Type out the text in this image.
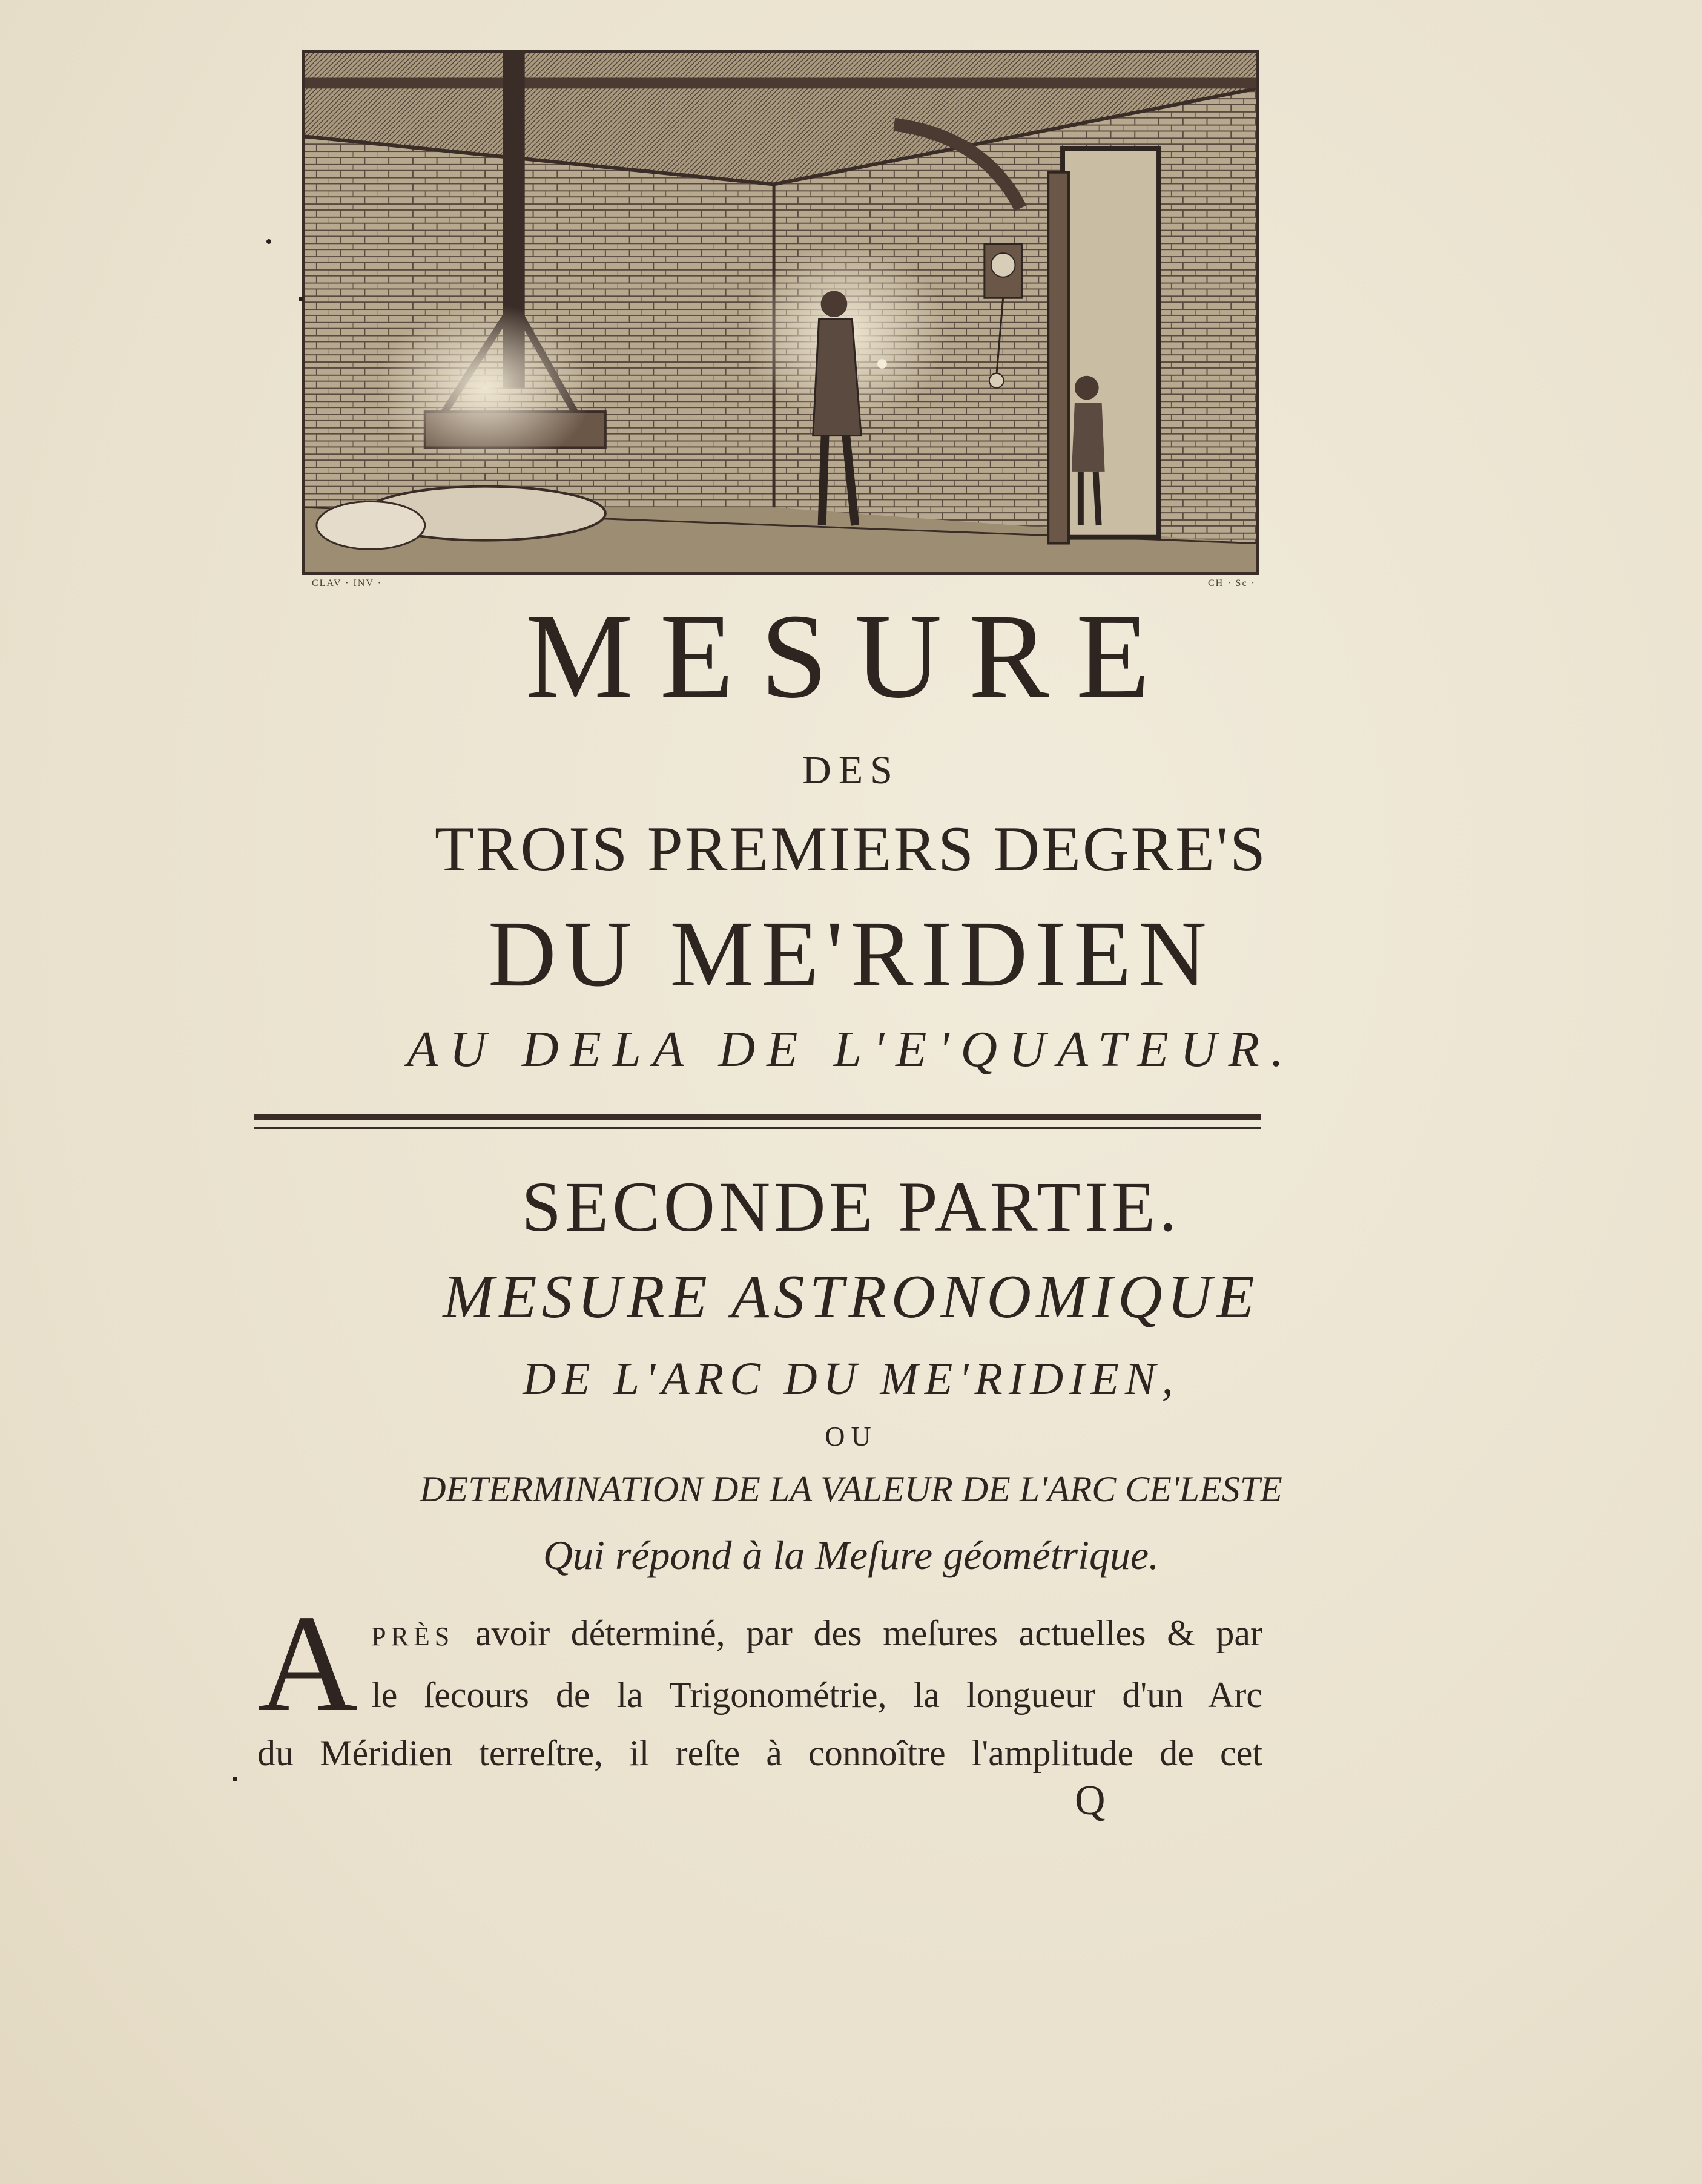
CLAV · INV ·	CH · Sc ·
MESURE
DES
TROIS PREMIERS DEGRE'S
DU ME'RIDIEN
AU DELA DE L'E'QUATEUR.
SECONDE PARTIE.
MESURE ASTRONOMIQUE
DE L'ARC DU ME'RIDIEN,
OU
DETERMINATION DE LA VALEUR DE L'ARC CE'LESTE
Qui répond à la Meſure géométrique.
A PRÈS avoir déterminé, par des meſures actuelles & par
le ſecours de la Trigonométrie, la longueur d'un Arc
du Méridien terreſtre, il reſte à connoître l'amplitude de cet
Q
